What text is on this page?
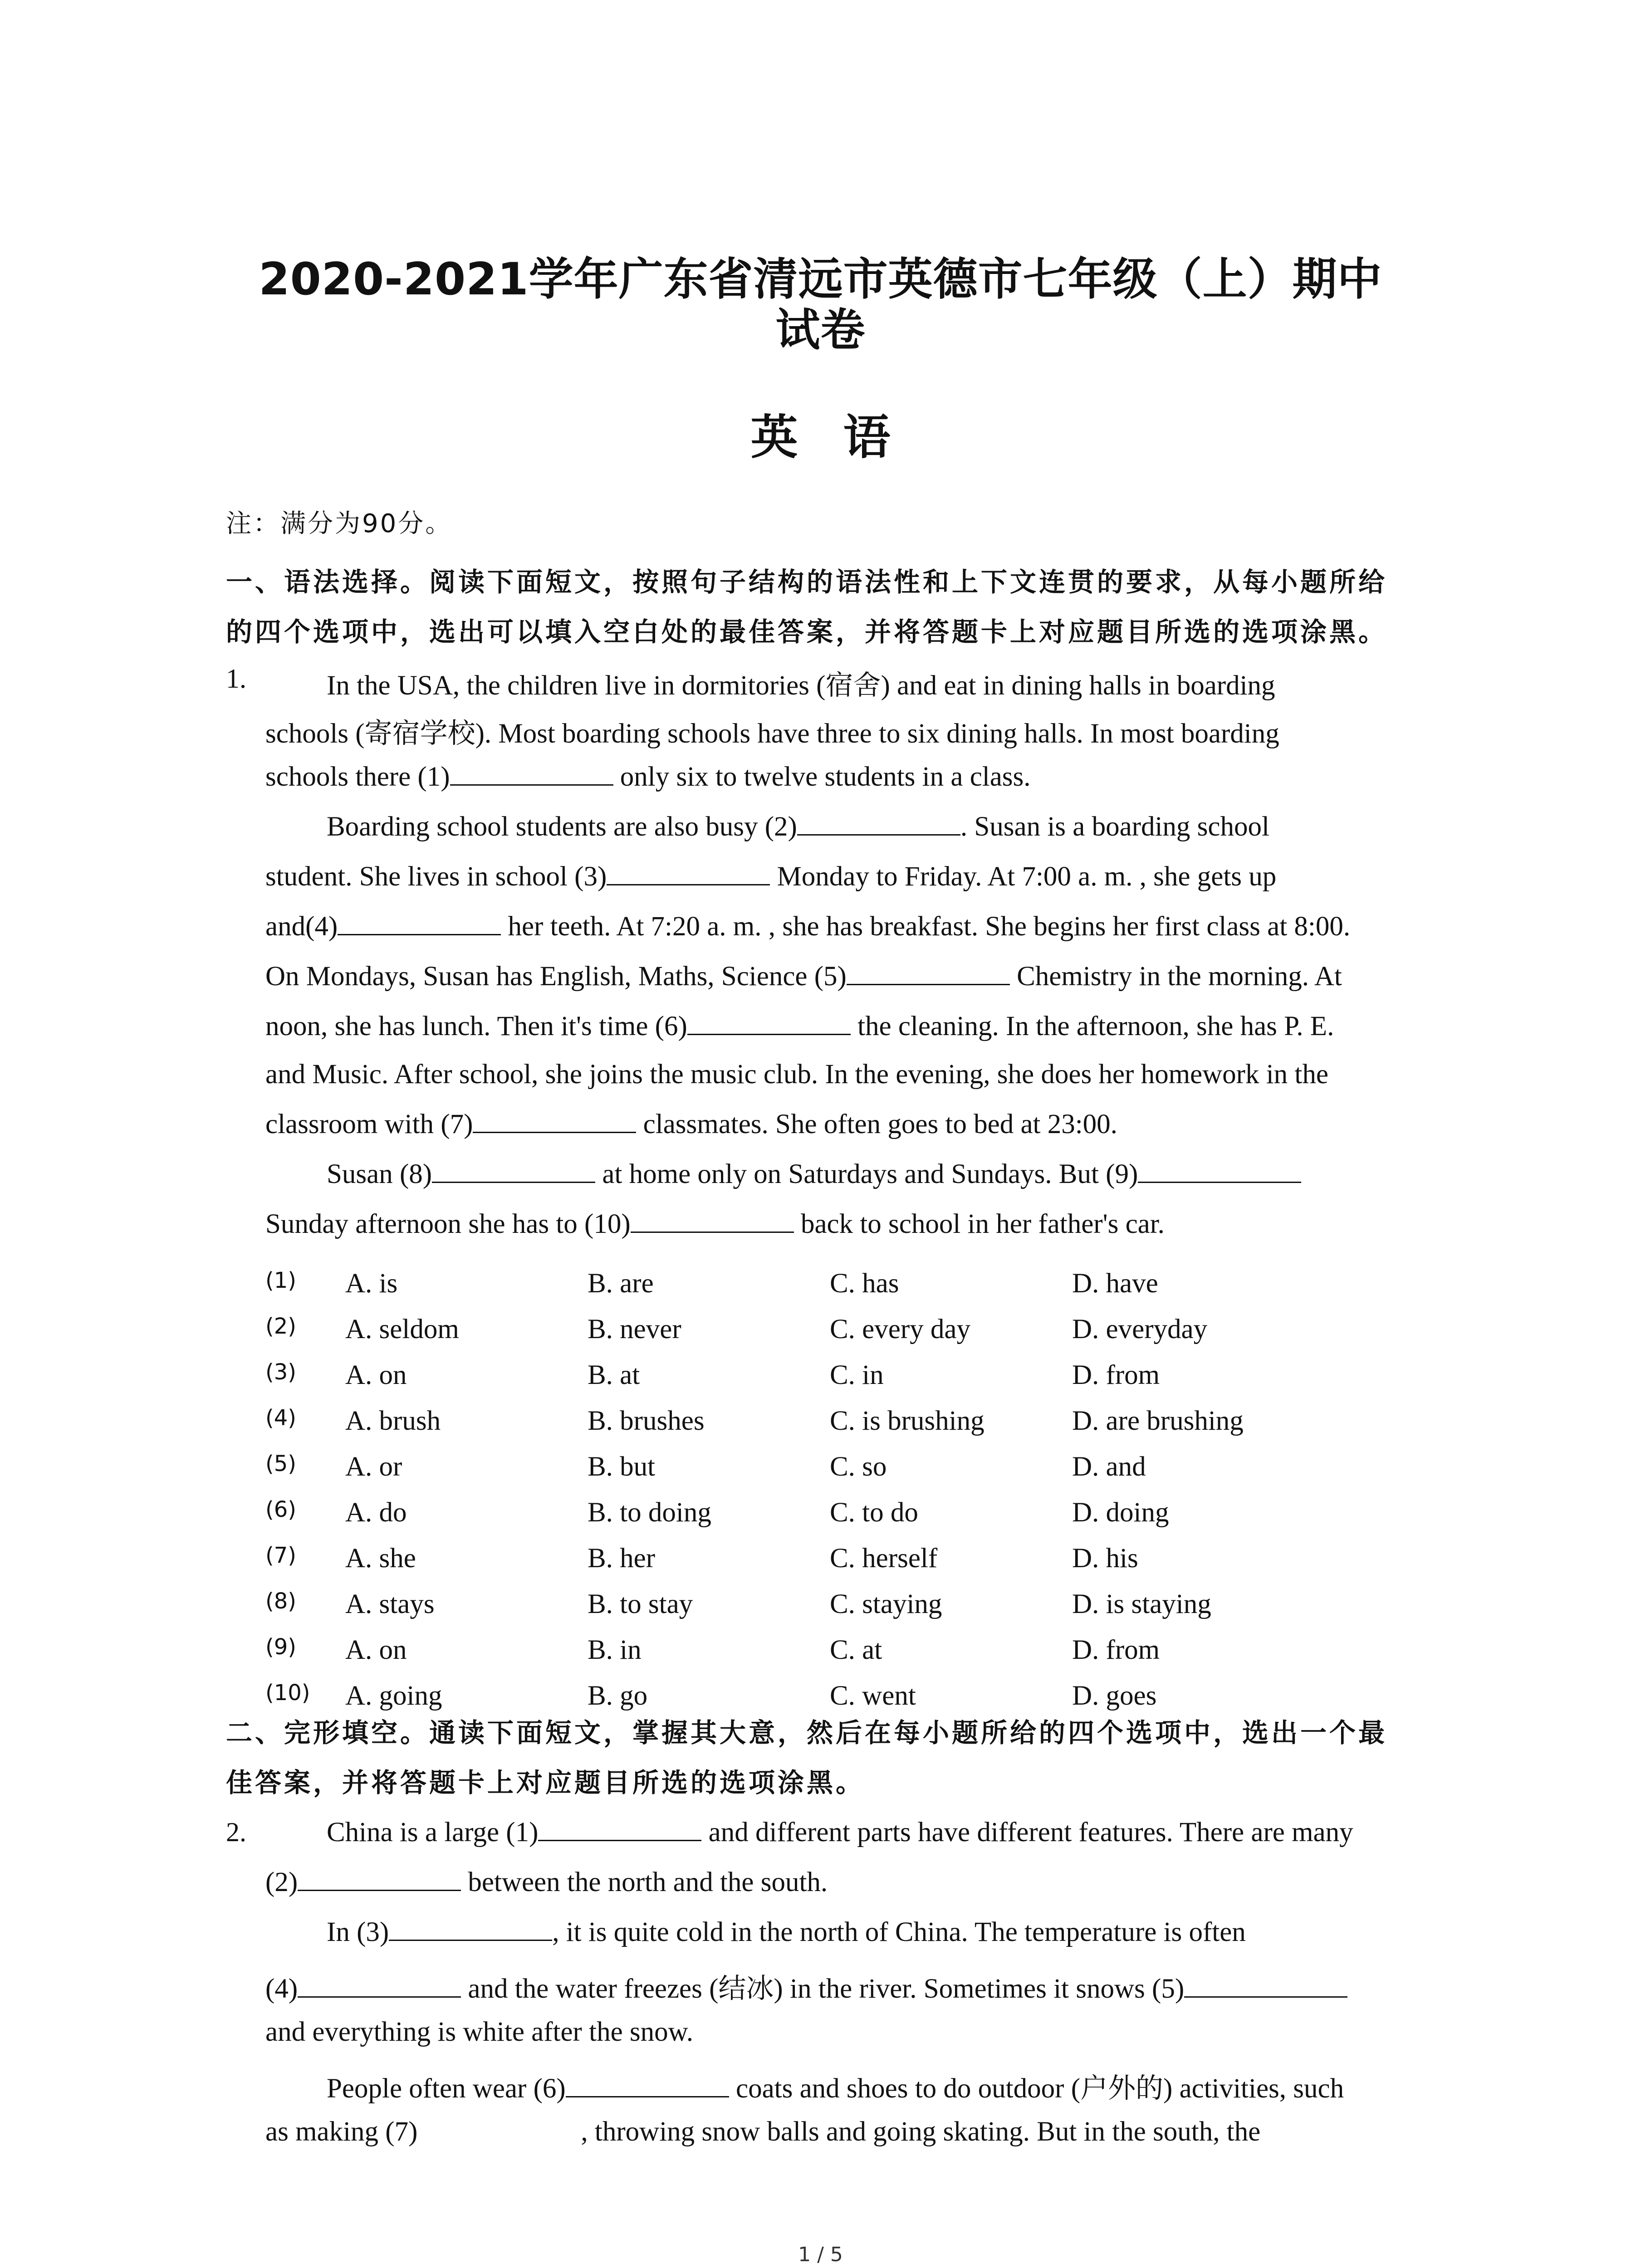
2020-2021学年广东省清远市英德市七年级（上）期中
试卷
英语
注：满分为90分。
一、语法选择。阅读下面短文，按照句子结构的语法性和上下文连贯的要求，从每小题所给
的四个选项中，选出可以填入空白处的最佳答案，并将答题卡上对应题目所选的选项涂黑。
1.	In the USA, the children live in dormitories (宿舍) and eat in dining halls in boarding
schools (寄宿学校). Most boarding schools have three to six dining halls. In most boarding
schools there (1)	only six to twelve students in a class.
Boarding school students are also busy (2)	. Susan is a boarding school
student. She lives in school (3)	Monday to Friday. At 7:00 a. m. , she gets up
and(4)	her teeth. At 7:20 a. m. , she has breakfast. She begins her first class at 8:00.
On Mondays, Susan has English, Maths, Science (5)	Chemistry in the morning. At
noon, she has lunch. Then it's time (6)	the cleaning. In the afternoon, she has P. E.
and Music. After school, she joins the music club. In the evening, she does her homework in the
classroom with (7)	classmates. She often goes to bed at 23:00.
Susan (8)	at home only on Saturdays and Sundays. But (9)
Sunday afternoon she has to (10)	back to school in her father's car.
(1) A. is	B. are	C. has	D. have
(2) A. seldom	B. never	C. every day	D. everyday
(3) A. on	B. at	C. in	D. from
(4) A. brush	B. brushes	C. is brushing	D. are brushing
(5) A. or	B. but	C. so	D. and
(6) A. do	B. to doing	C. to do	D. doing
(7) A. she	B. her	C. herself	D. his
(8) A. stays	B. to stay	C. staying	D. is staying
(9) A. on	B. in	C. at	D. from
(10) A. going	B. go	C. went	D. goes
二、完形填空。通读下面短文，掌握其大意，然后在每小题所给的四个选项中，选出一个最
佳答案，并将答题卡上对应题目所选的选项涂黑。
2.	China is a large (1)	and different parts have different features. There are many
(2)	between the north and the south.
In (3)	, it is quite cold in the north of China. The temperature is often
(4)	and the water freezes (结冰) in the river. Sometimes it snows (5)
and everything is white after the snow.
People often wear (6)	coats and shoes to do outdoor (户外的) activities, such
as making (7)	, throwing snow balls and going skating. But in the south, the
1 / 5
